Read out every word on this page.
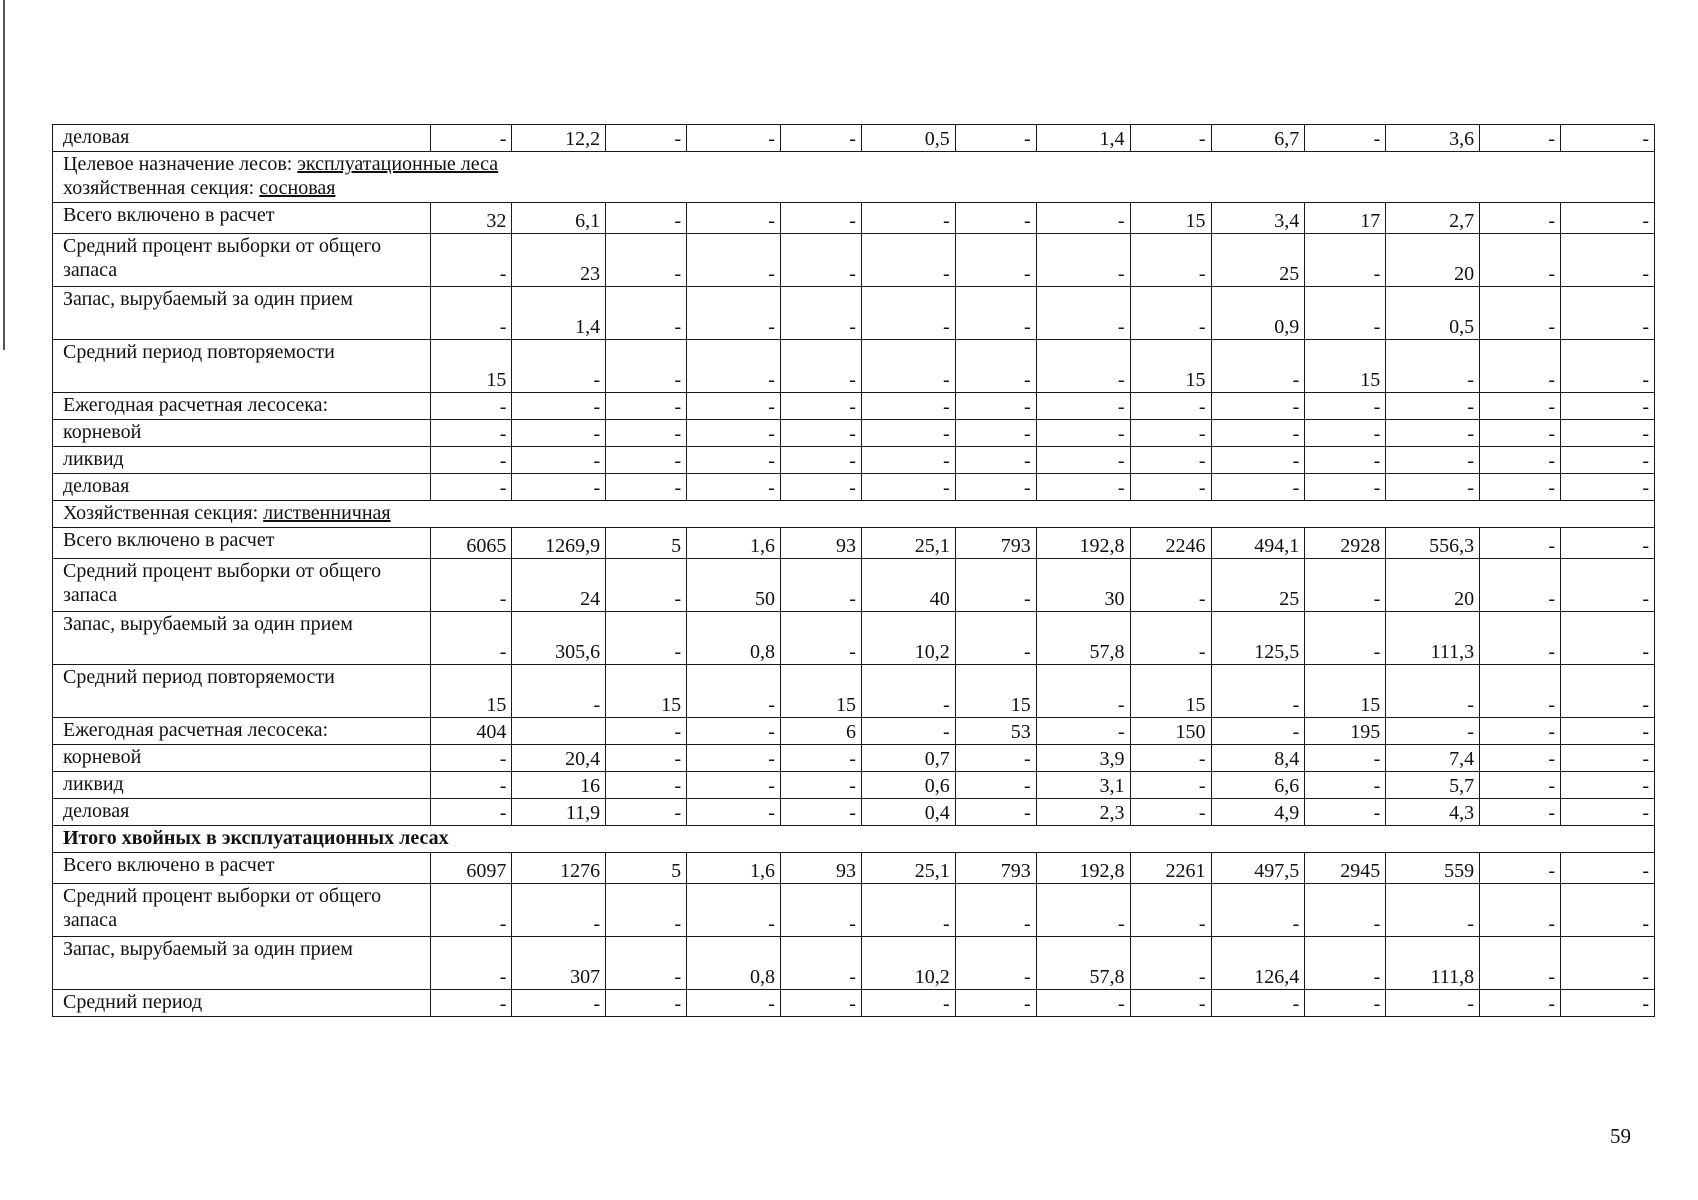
деловая	-	12,2	-	-	-	0,5	-	1,4	-	6,7	-	3,6	-	-
Целевое назначение лесов: эксплуатационные леса
хозяйственная секция: сосновая														
Всего включено в расчет	32	6,1	-	-	-	-	-	-	15	3,4	17	2,7	-	-
Средний процент выборки от общего запаса	-	23	-	-	-	-	-	-	-	25	-	20	-	-
Запас, вырубаемый за один прием	-	1,4	-	-	-	-	-	-	-	0,9	-	0,5	-	-
Средний период повторяемости	15	-	-	-	-	-	-	-	15	-	15	-	-	-
Ежегодная расчетная лесосека:	-	-	-	-	-	-	-	-	-	-	-	-	-	-
корневой	-	-	-	-	-	-	-	-	-	-	-	-	-	-
ликвид	-	-	-	-	-	-	-	-	-	-	-	-	-	-
деловая	-	-	-	-	-	-	-	-	-	-	-	-	-	-
Хозяйственная секция: лиственничная														
Всего включено в расчет	6065	1269,9	5	1,6	93	25,1	793	192,8	2246	494,1	2928	556,3	-	-
Средний процент выборки от общего запаса	-	24	-	50	-	40	-	30	-	25	-	20	-	-
Запас, вырубаемый за один прием	-	305,6	-	0,8	-	10,2	-	57,8	-	125,5	-	111,3	-	-
Средний период повторяемости	15	-	15	-	15	-	15	-	15	-	15	-	-	-
Ежегодная расчетная лесосека:	404		-	-	6	-	53	-	150	-	195	-	-	-
корневой	-	20,4	-	-	-	0,7	-	3,9	-	8,4	-	7,4	-	-
ликвид	-	16	-	-	-	0,6	-	3,1	-	6,6	-	5,7	-	-
деловая	-	11,9	-	-	-	0,4	-	2,3	-	4,9	-	4,3	-	-
Итого хвойных в эксплуатационных лесах														
Всего включено в расчет	6097	1276	5	1,6	93	25,1	793	192,8	2261	497,5	2945	559	-	-
Средний процент выборки от общего запаса	-	-	-	-	-	-	-	-	-	-	-	-	-	-
Запас, вырубаемый за один прием	-	307	-	0,8	-	10,2	-	57,8	-	126,4	-	111,8	-	-
Средний период	-	-	-	-	-	-	-	-	-	-	-	-	-	-
59
